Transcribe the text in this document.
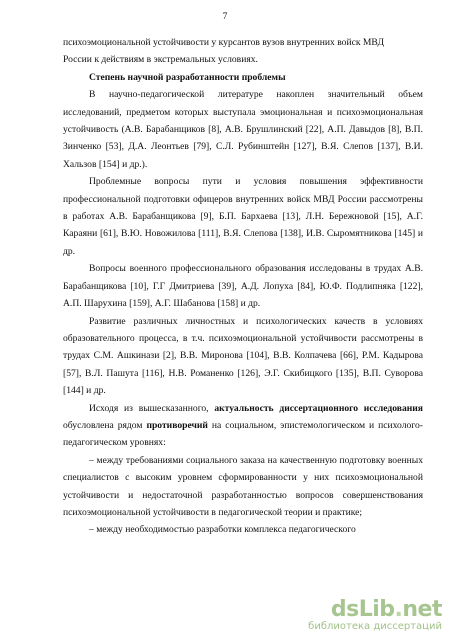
7

психоэмоциональной устойчивости у курсантов вузов внутренних войск МВД

России к действиям в экстремальных условиях.

Степень научной разработанности проблемы

В научно-педагогической литературе накоплен значительный объем исследований, предметом которых выступала эмоциональная и психоэмоциональная устойчивость (А.В. Барабанщиков [8], А.В. Брушлинский [22], А.П. Давыдов [8], В.П. Зинченко [53], Д.А. Леонтьев [79], С.Л. Рубинштейн [127], В.Я. Слепов [137], В.И. Хальзов [154] и др.).

Проблемные вопросы пути и условия повышения эффективности профессиональной подготовки офицеров внутренних войск МВД России рассмотрены в работах А.В. Барабанщикова [9], Б.П. Бархаева [13], Л.Н. Бережновой [15], А.Г. Караяни [61], В.Ю. Новожилова [111], В.Я. Слепова [138], И.В. Сыромятникова [145] и др.

Вопросы военного профессионального образования исследованы в трудах А.В. Барабанщикова [10], Г.Г Дмитриева [39], А.Д. Лопуха [84], Ю.Ф. Подлипняка [122], А.П. Шарухина [159], А.Г. Шабанова [158] и др.

Развитие различных личностных и психологических качеств в условиях образовательного процесса, в т.ч. психоэмоциональной устойчивости рассмотрены в трудах С.М. Ашкинази [2], В.В. Миронова [104], В.В. Колпачева [66], Р.М. Кадырова [57], В.Л. Пашута [116], Н.В. Романенко [126], Э.Г. Скибицкого [135], В.П. Суворова [144] и др.

Исходя из вышесказанного, актуальность диссертационного исследования обусловлена рядом противоречий на социальном, эпистемологическом и психолого-педагогическом уровнях:

– между требованиями социального заказа на качественную подготовку военных специалистов с высоким уровнем сформированности у них психоэмоциональной устойчивости и недостаточной разработанностью вопросов совершенствования психоэмоциональной устойчивости в педагогической теории и практике;

– между необходимостью разработки комплекса педагогического

dsLib.net
библиотека диссертаций
